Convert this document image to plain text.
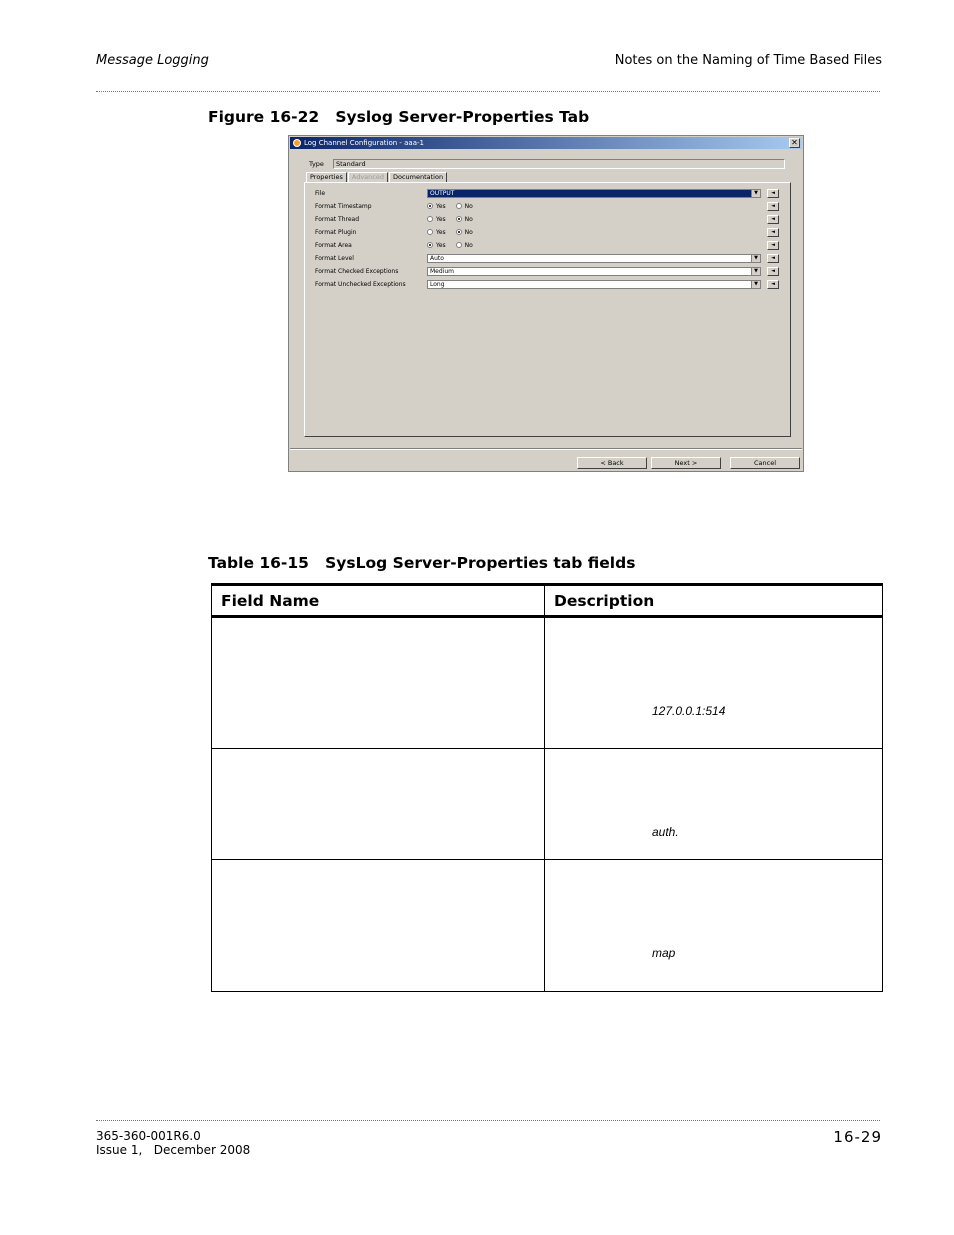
Message Logging	Notes on the Naming of Time Based Files
Figure 16-22 Syslog Server-Properties Tab
Log Channel Configuration - aaa-1	✕
Type	Standard
Properties	Advanced	Documentation
File	OUTPUT	▼	◄
Format Timestamp	Yes	No	◄
Format Thread	Yes	No	◄
Format Plugin	Yes	No	◄
Format Area	Yes	No	◄
Format Level	Auto	▼	◄
Format Checked Exceptions	Medium	▼	◄
Format Unchecked Exceptions	Long	▼	◄
< Back	Next >	Cancel
Table 16-15 SysLog Server-Properties tab fields
Field Name	Description

	127.0.0.1:514

	auth.

	map
365-360-001R6.0
Issue 1,   December 2008
16-29
